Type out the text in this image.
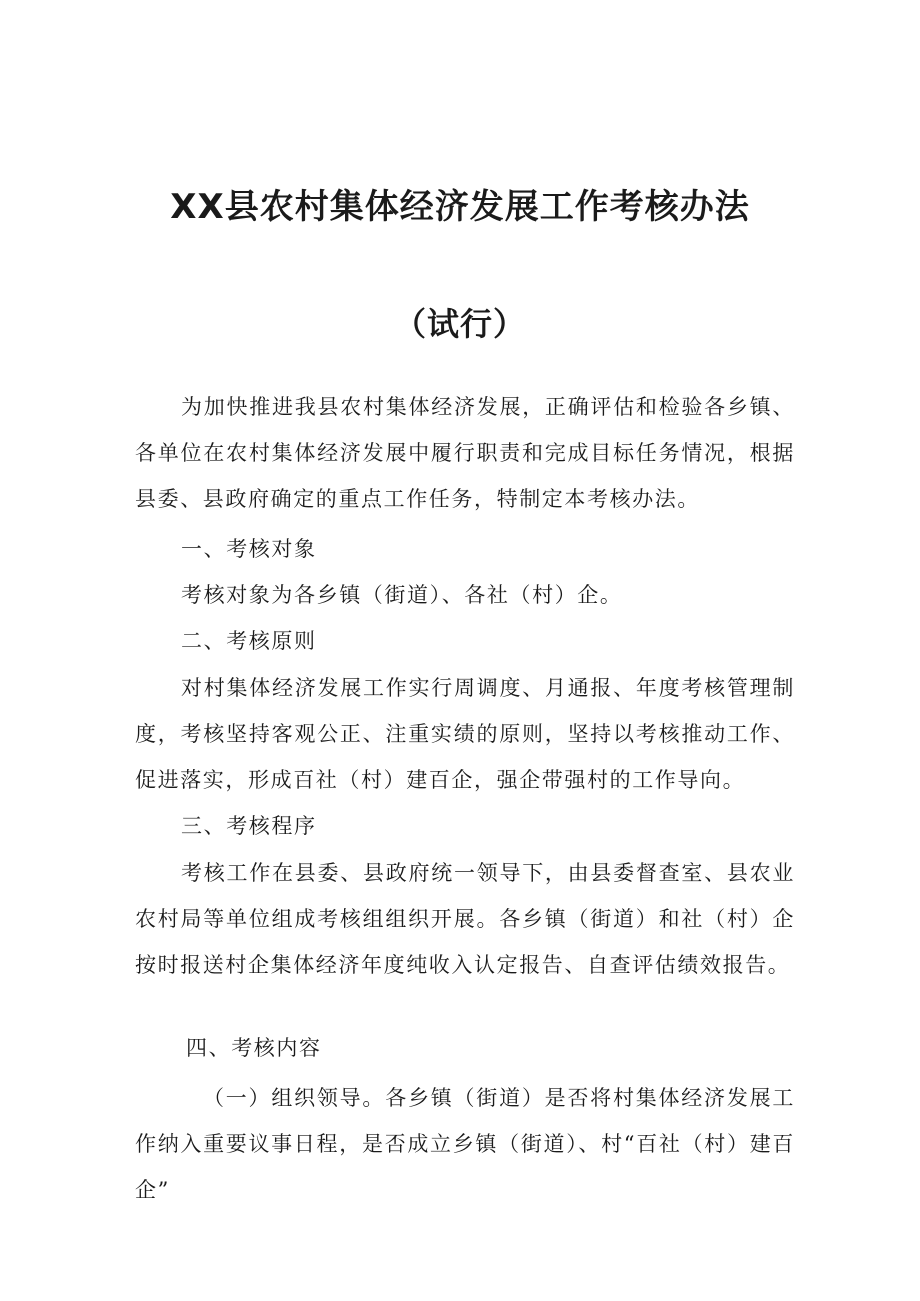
XX县农村集体经济发展工作考核办法
（试行）
为加快推进我县农村集体经济发展，正确评估和检验各乡镇、各单位在农村集体经济发展中履行职责和完成目标任务情况，根据县委、县政府确定的重点工作任务，特制定本考核办法。
一、考核对象
考核对象为各乡镇（街道）、各社（村）企。
二、考核原则
对村集体经济发展工作实行周调度、月通报、年度考核管理制度，考核坚持客观公正、注重实绩的原则，坚持以考核推动工作、促进落实，形成百社（村）建百企，强企带强村的工作导向。
三、考核程序
考核工作在县委、县政府统一领导下，由县委督查室、县农业农村局等单位组成考核组组织开展。各乡镇（街道）和社（村）企按时报送村企集体经济年度纯收入认定报告、自查评估绩效报告。
四、考核内容
（一）组织领导。各乡镇（街道）是否将村集体经济发展工作纳入重要议事日程，是否成立乡镇（街道）、村“百社（村）建百企”
